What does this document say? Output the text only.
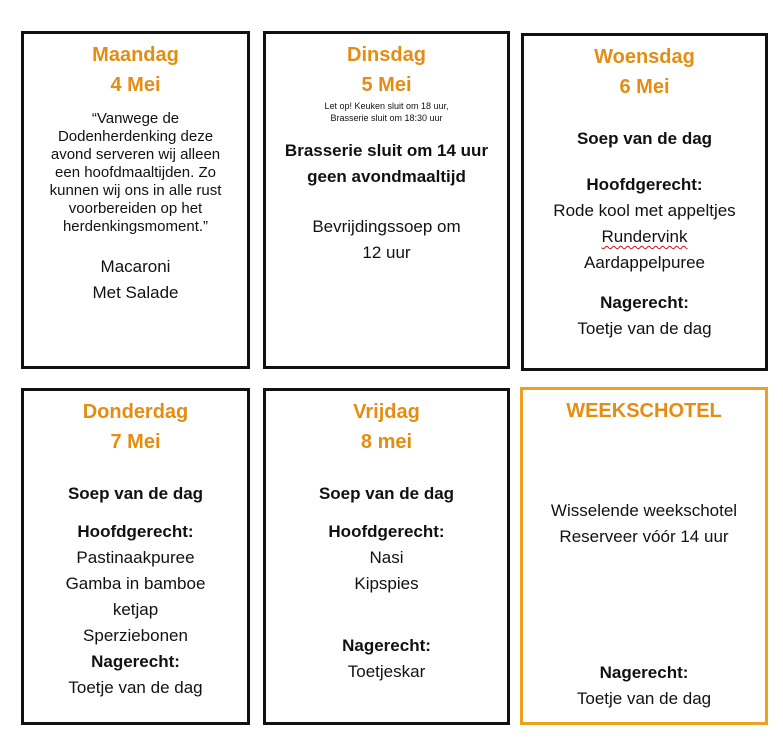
Maandag

4 Mei

“Vanwege de Dodenherdenking deze avond serveren wij alleen een hoofdmaaltijden. Zo kunnen wij ons in alle rust voorbereiden op het herdenkingsmoment.”

Macaroni

Met Salade

Dinsdag

5 Mei

Let op! Keuken sluit om 18 uur,

Brasserie sluit om 18:30 uur

Brasserie sluit om 14 uur

geen avondmaaltijd

Bevrijdingssoep om

12 uur

Woensdag

6 Mei

Soep van de dag

Hoofdgerecht:

Rode kool met appeltjes

Rundervink

Aardappelpuree

Nagerecht:

Toetje van de dag

Donderdag

7 Mei

Soep van de dag

Hoofdgerecht:

Pastinaakpuree

Gamba in bamboe

ketjap

Sperziebonen

Nagerecht:

Toetje van de dag

Vrijdag

8 mei

Soep van de dag

Hoofdgerecht:

Nasi

Kipspies

Nagerecht:

Toetjeskar

WEEKSCHOTEL

Wisselende weekschotel

Reserveer vóór 14 uur

Nagerecht:

Toetje van de dag
